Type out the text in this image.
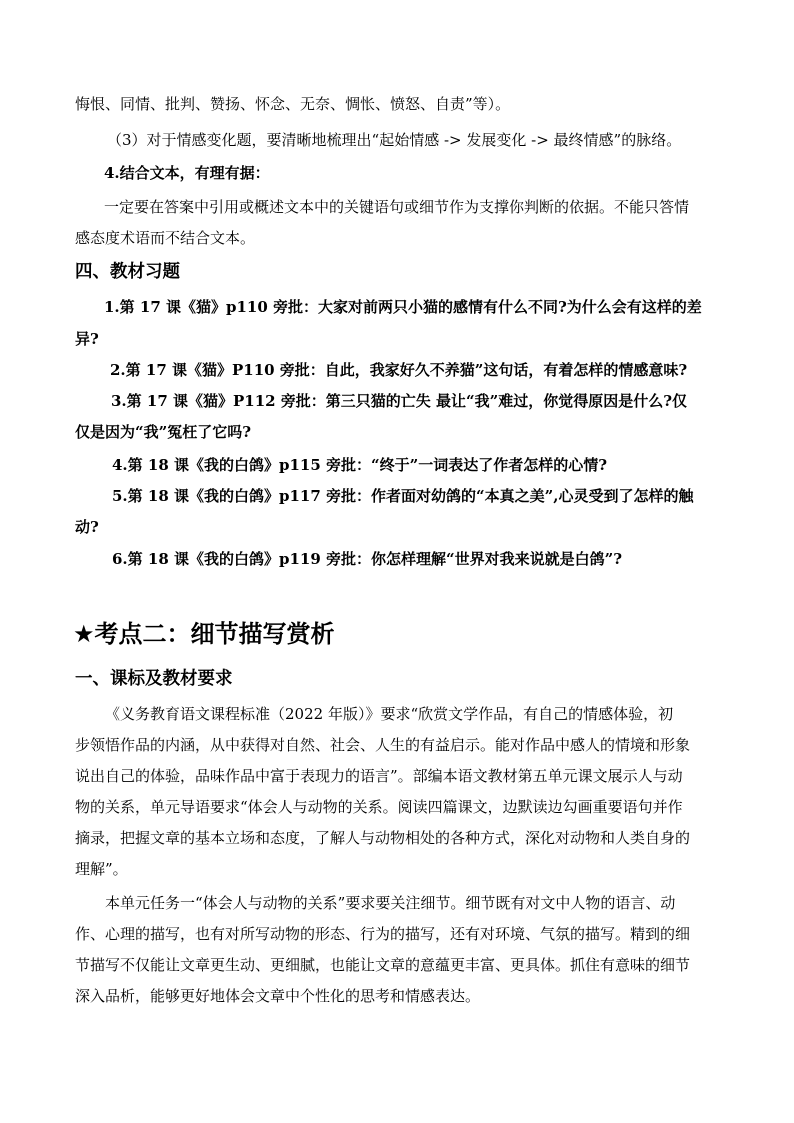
悔恨、同情、批判、赞扬、怀念、无奈、惆怅、愤怒、自责”等）。
（3）对于情感变化题，要清晰地梳理出“起始情感 -> 发展变化 -> 最终情感”的脉络。
4.结合文本，有理有据：
一定要在答案中引用或概述文本中的关键语句或细节作为支撑你判断的依据。不能只答情
感态度术语而不结合文本。
四、教材习题
1.第 17 课《猫》p110 旁批：大家对前两只小猫的感情有什么不同?为什么会有这样的差
异?
2.第 17 课《猫》P110 旁批：自此，我家好久不养猫”这句话，有着怎样的情感意味?
3.第 17 课《猫》P112 旁批：第三只猫的亡失 最让“我”难过，你觉得原因是什么?仅
仅是因为“我”冤枉了它吗?
4.第 18 课《我的白鸽》p115 旁批：“终于”一词表达了作者怎样的心情?
5.第 18 课《我的白鸽》p117 旁批：作者面对幼鸽的“本真之美”,心灵受到了怎样的触
动?
6.第 18 课《我的白鸽》p119 旁批：你怎样理解“世界对我来说就是白鸽”?
★考点二：细节描写赏析
一、课标及教材要求
《义务教育语文课程标准（2022 年版）》要求“欣赏文学作品，有自己的情感体验，初
步领悟作品的内涵，从中获得对自然、社会、人生的有益启示。能对作品中感人的情境和形象
说出自己的体验，品味作品中富于表现力的语言”。部编本语文教材第五单元课文展示人与动
物的关系，单元导语要求“体会人与动物的关系。阅读四篇课文，边默读边勾画重要语句并作
摘录，把握文章的基本立场和态度，了解人与动物相处的各种方式，深化对动物和人类自身的
理解”。
本单元任务一“体会人与动物的关系”要求要关注细节。细节既有对文中人物的语言、动
作、心理的描写，也有对所写动物的形态、行为的描写，还有对环境、气氛的描写。精到的细
节描写不仅能让文章更生动、更细腻，也能让文章的意蕴更丰富、更具体。抓住有意味的细节
深入品析，能够更好地体会文章中个性化的思考和情感表达。
